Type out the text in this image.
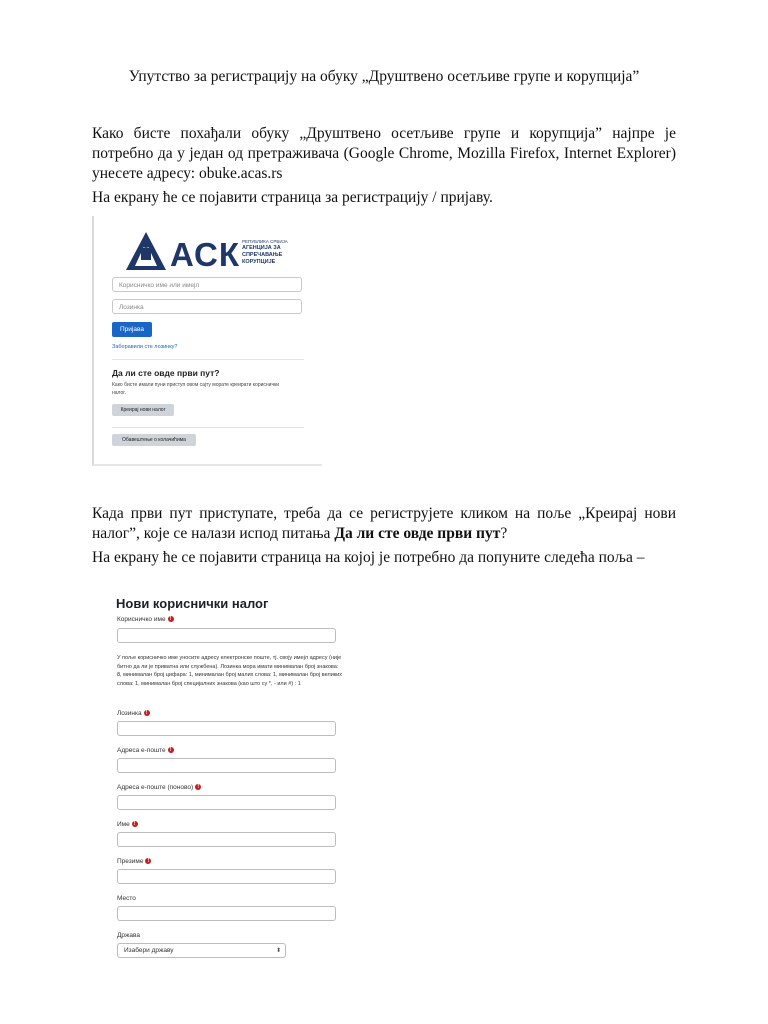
Упутство за регистрацију на обуку „Друштвено осетљиве групе и корупција”
Како бисте похађали обуку „Друштвено осетљиве групе и корупција” најпре је потребно да у један од претраживача (Google Chrome, Mozilla Firefox, Internet Explorer) унесете адресу: obuke.acas.rs
На екрану ће се појавити страница за регистрацију / пријаву.
АСК РЕПУБЛИКА СРБИЈА
АГЕНЦИЈА ЗА
СПРЕЧАВАЊЕ
КОРУПЦИЈЕ
Корисничко име или имејл
Лозинка
Пријава
Заборавили сте лозинку?
Да ли сте овде први пут?
Како бисте имали пуни приступ овом сајту морате креирати кориснички налог.
Креирај нови налог
Обавештење о колачићима
Када први пут приступате, треба да се региструјете кликом на поље „Креирај нови налог”, које се налази испод питања Да ли сте овде први пут?
На екрану ће се појавити страница на којој је потребно да попуните следећа поља –
Нови кориснички налог
Корисничко име !
У поље корисничко име уносите адресу електронске поште, тј. своју имејл адресу (није битно да ли је приватна или службена). Лозинка мора имати минималан број знакова: 8, минималан број цифара: 1, минималан број малих слова: 1, минималан број великих слова: 1, минималан број специјалних знакова (као што су *, - или #) : 1
Лозинка !
Адреса е-поште !
Адреса е-поште (поново) !
Име !
Презиме !
Место
Држава
Изабери државу	⬍
